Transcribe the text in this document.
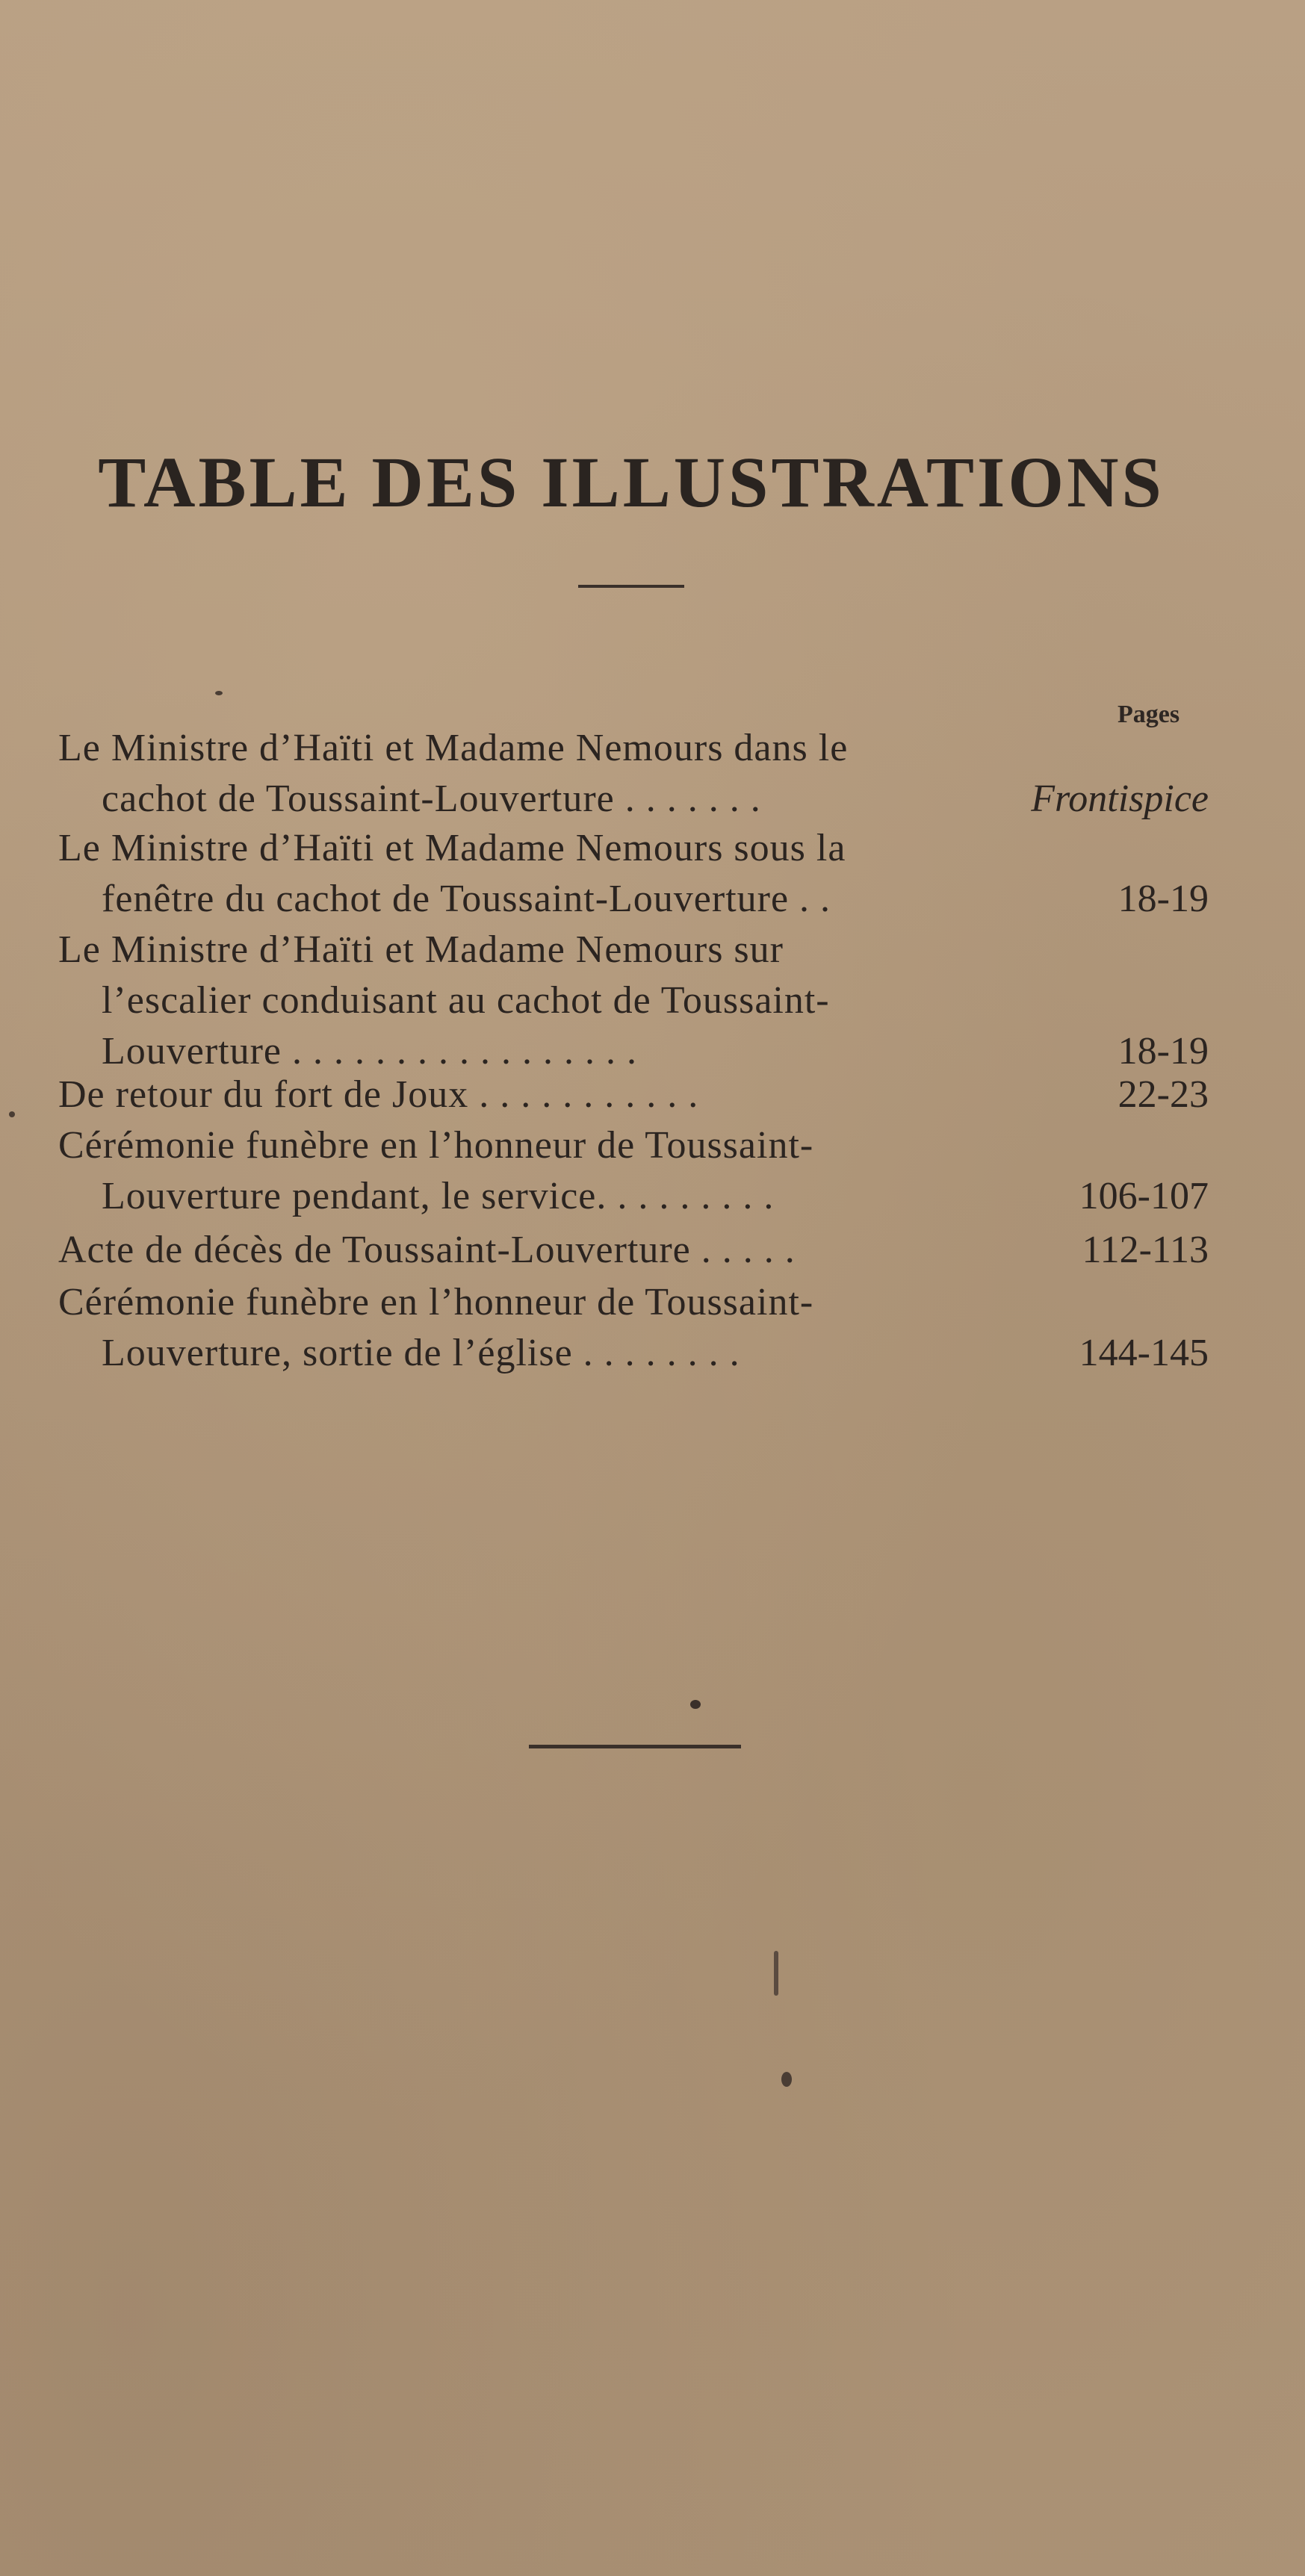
TABLE DES ILLUSTRATIONS
Pages
Le Ministre d’Haïti et Madame Nemours dans le
cachot de Toussaint-Louverture . . . . . . .	Frontispice
Le Ministre d’Haïti et Madame Nemours sous la
fenêtre du cachot de Toussaint-Louverture . .	18-19
Le Ministre d’Haïti et Madame Nemours sur
l’escalier conduisant au cachot de Toussaint-
Louverture . . . . . . . . . . . . . . . . .	18-19
De retour du fort de Joux . . . . . . . . . . .	22-23
Cérémonie funèbre en l’honneur de Toussaint-
Louverture pendant, le service. . . . . . . . .	106-107
Acte de décès de Toussaint-Louverture . . . . .	112-113
Cérémonie funèbre en l’honneur de Toussaint-
Louverture, sortie de l’église . . . . . . . .	144-145
